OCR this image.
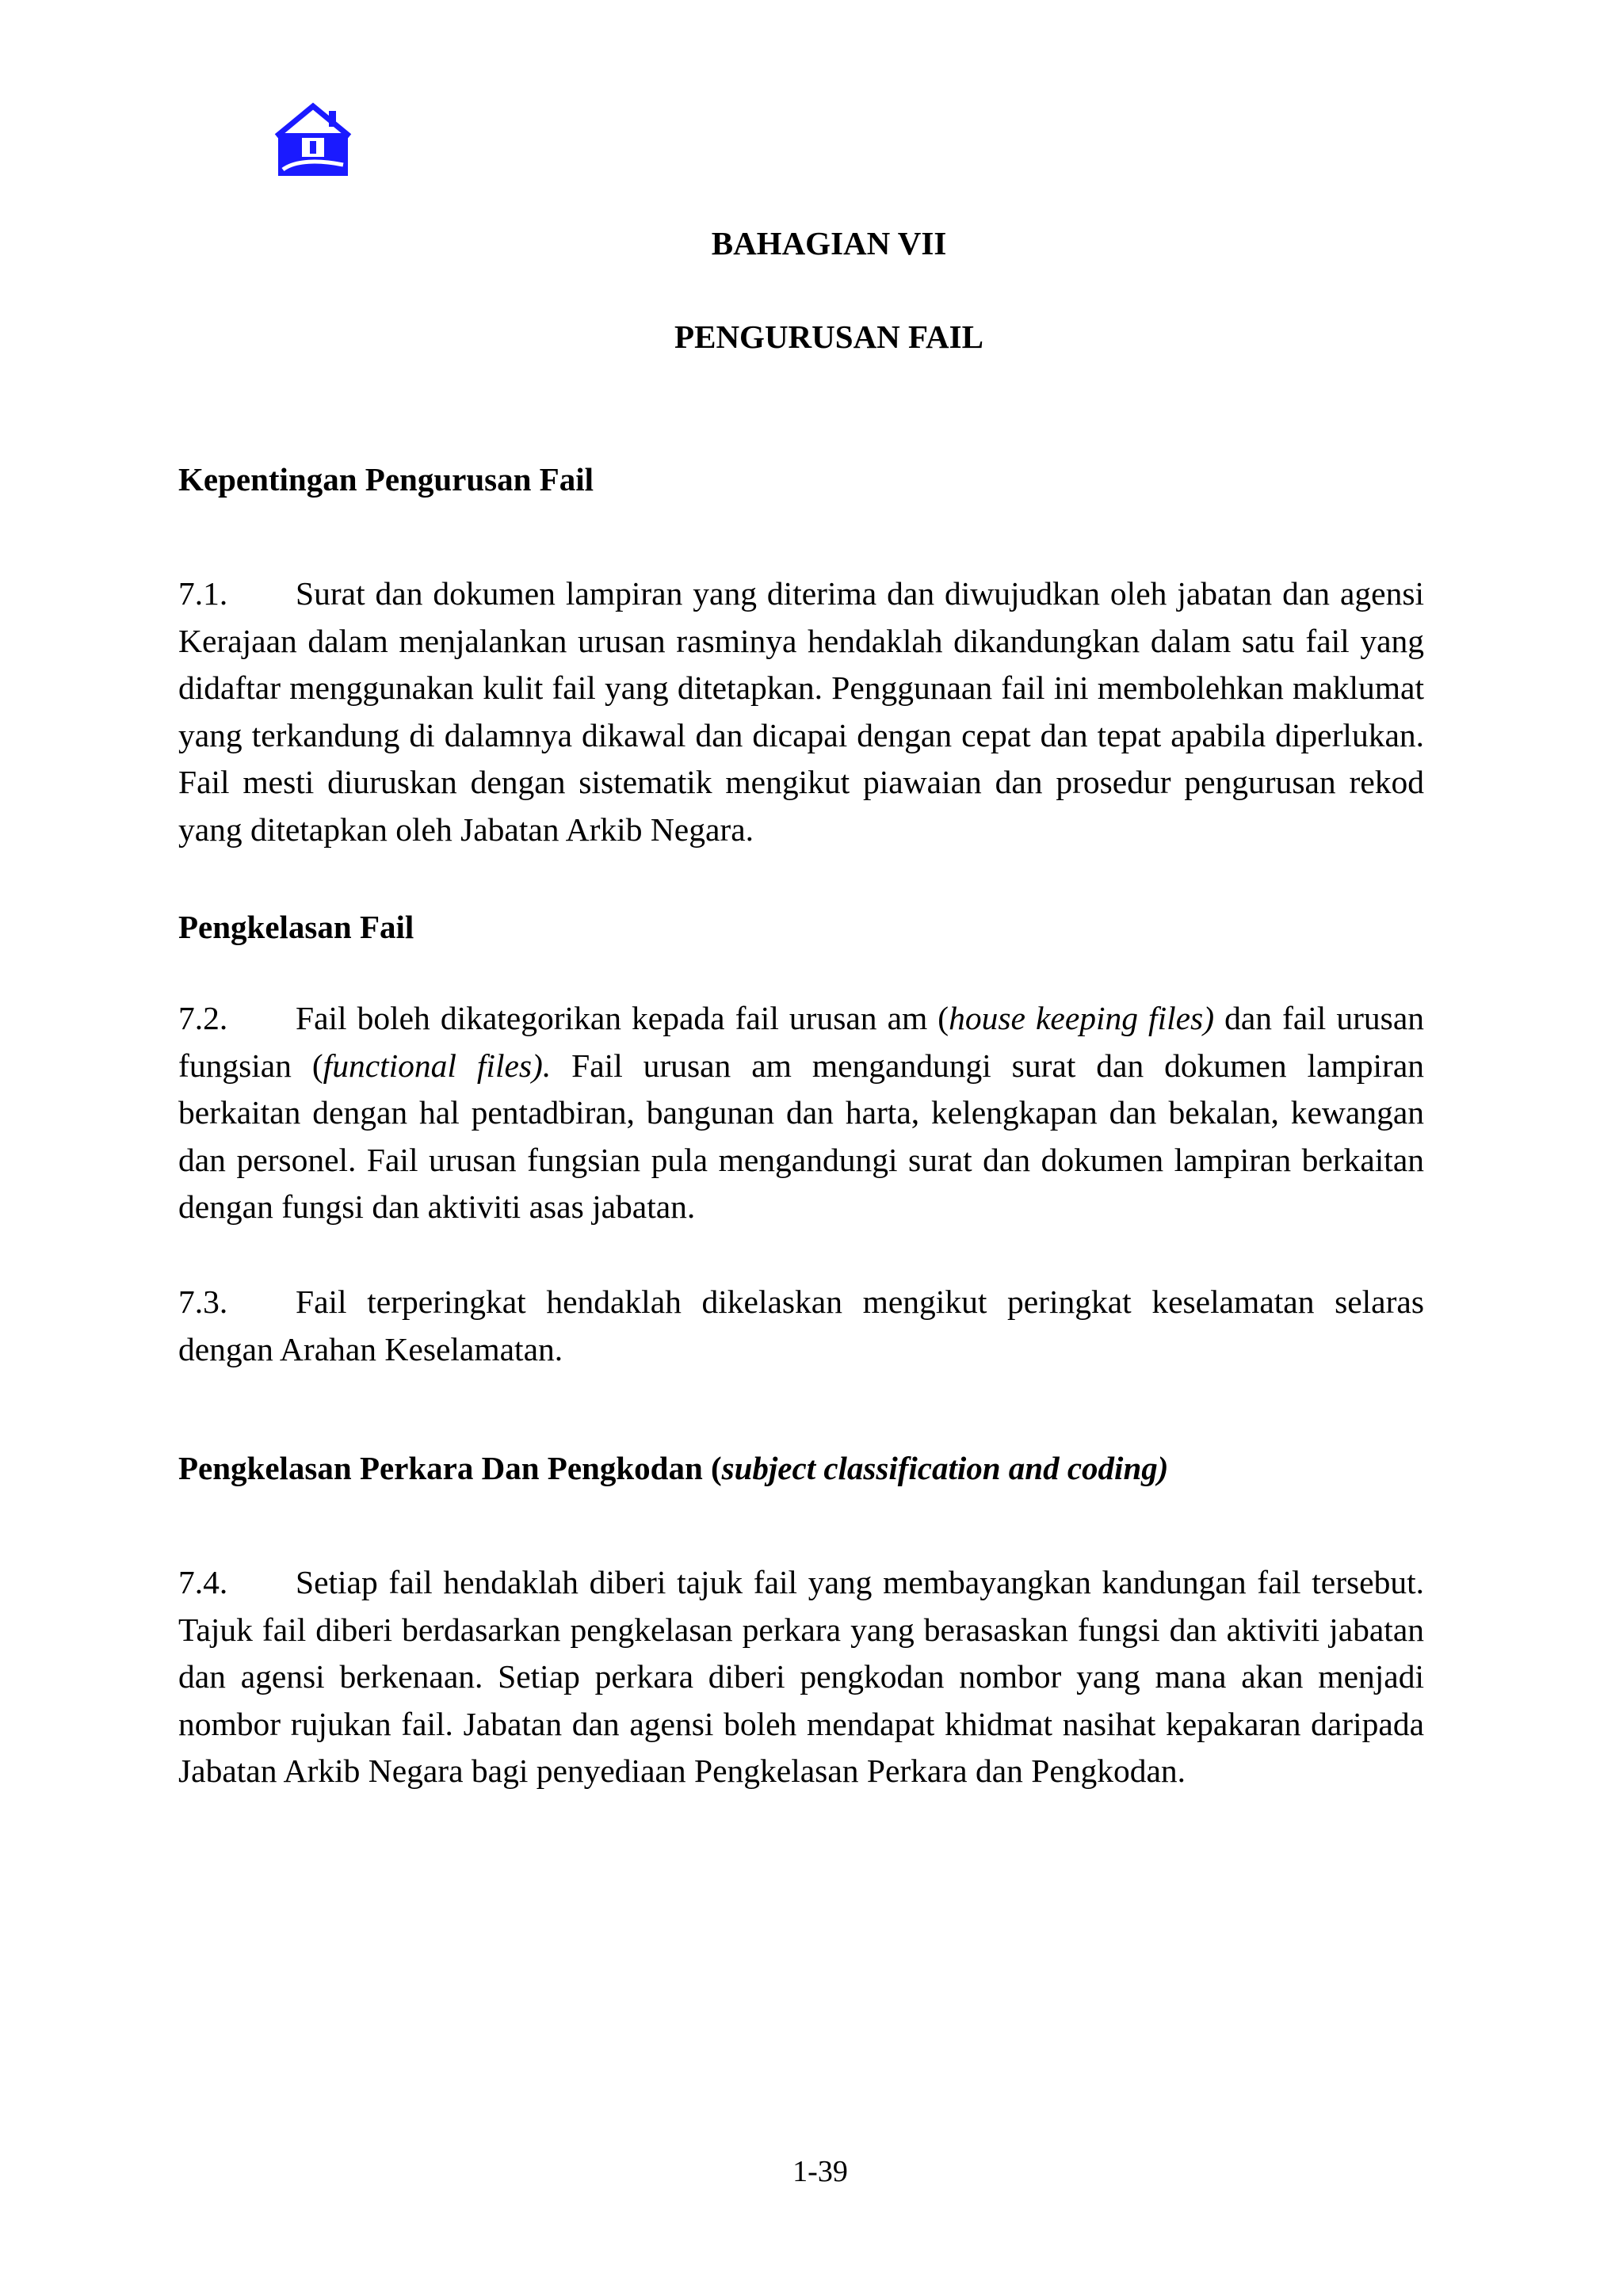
BAHAGIAN VII
PENGURUSAN FAIL
Kepentingan Pengurusan Fail
7.1. Surat dan dokumen lampiran yang diterima dan diwujudkan oleh jabatan dan agensi Kerajaan dalam menjalankan urusan rasminya hendaklah dikandungkan dalam satu fail yang didaftar menggunakan kulit fail yang ditetapkan. Penggunaan fail ini membolehkan maklumat yang terkandung di dalamnya dikawal dan dicapai dengan cepat dan tepat apabila diperlukan. Fail mesti diuruskan dengan sistematik mengikut piawaian dan prosedur pengurusan rekod yang ditetapkan oleh Jabatan Arkib Negara.
Pengkelasan Fail
7.2. Fail boleh dikategorikan kepada fail urusan am (house keeping files) dan fail urusan fungsian (functional files). Fail urusan am mengandungi surat dan dokumen lampiran berkaitan dengan hal pentadbiran, bangunan dan harta, kelengkapan dan bekalan, kewangan dan personel. Fail urusan fungsian pula mengandungi surat dan dokumen lampiran berkaitan dengan fungsi dan aktiviti asas jabatan.
7.3. Fail terperingkat hendaklah dikelaskan mengikut peringkat keselamatan selaras dengan Arahan Keselamatan.
Pengkelasan Perkara Dan Pengkodan (subject classification and coding)
7.4. Setiap fail hendaklah diberi tajuk fail yang membayangkan kandungan fail tersebut. Tajuk fail diberi berdasarkan pengkelasan perkara yang berasaskan fungsi dan aktiviti jabatan dan agensi berkenaan. Setiap perkara diberi pengkodan nombor yang mana akan menjadi nombor rujukan fail. Jabatan dan agensi boleh mendapat khidmat nasihat kepakaran daripada Jabatan Arkib Negara bagi penyediaan Pengkelasan Perkara dan Pengkodan.
1-39
